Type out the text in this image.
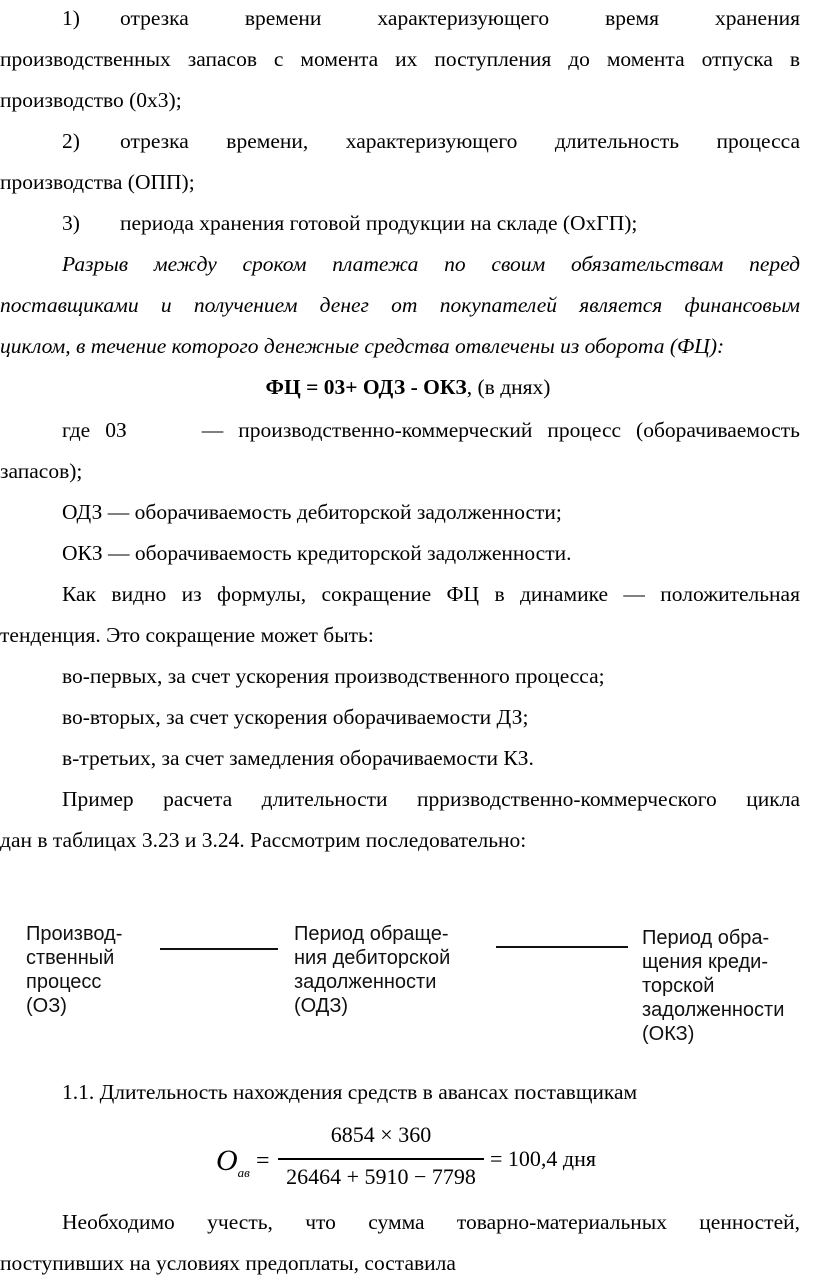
1) отрезка времени характеризующего время хранения
производственных запасов с момента их поступления до момента отпуска в
производство (0х3);
2) отрезка времени, характеризующего длительность процесса
производства (ОПП);
3) периода хранения готовой продукции на складе (ОхГП);
Разрыв между сроком платежа по своим обязательствам перед
поставщиками и получением денег от покупателей является финансовым
циклом, в течение которого денежные средства отвлечены из оборота (ФЦ):
ФЦ = 03+ ОДЗ - ОКЗ, (в днях)
где 0З	— производственно-коммерческий процесс (оборачиваемость
запасов);
ОДЗ — оборачиваемость дебиторской задолженности;
ОКЗ — оборачиваемость кредиторской задолженности.
Как видно из формулы, сокращение ФЦ в динамике — положительная
тенденция. Это сокращение может быть:
во-первых, за счет ускорения производственного процесса;
во-вторых, за счет ускорения оборачиваемости ДЗ;
в-третьих, за счет замедления оборачиваемости КЗ.
Пример расчета длительности прризводственно-коммерческого цикла
дан в таблицах 3.23 и 3.24. Рассмотрим последовательно:
Производ-
ственный
процесс
(ОЗ)
Период обраще-
ния дебиторской
задолженности
(ОДЗ)
Период обра-
щения креди-
торской
задолженности
(ОКЗ)
1.1. Длительность нахождения средств в авансах поставщикам
$O_{ав}$ =
6854 × 360
26464 + 5910 − 7798
= 100,4 дня
Необходимо учесть, что сумма товарно-материальных ценностей,
поступивших на условиях предоплаты, составила
